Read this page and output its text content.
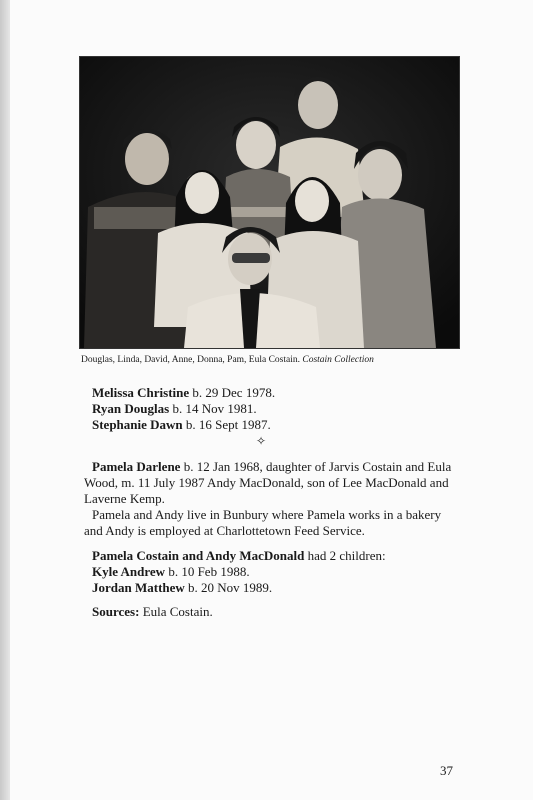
Douglas, Linda, David, Anne, Donna, Pam, Eula Costain. Costain Collection

Melissa Christine b. 29 Dec 1978.

Ryan Douglas b. 14 Nov 1981.

Stephanie Dawn b. 16 Sept 1987.

✧

Pamela Darlene b. 12 Jan 1968, daughter of Jarvis Costain and Eula

Wood, m. 11 July 1987 Andy MacDonald, son of Lee MacDonald and

Laverne Kemp.

Pamela and Andy live in Bunbury where Pamela works in a bakery

and Andy is employed at Charlottetown Feed Service.

Pamela Costain and Andy MacDonald had 2 children:

Kyle Andrew b. 10 Feb 1988.

Jordan Matthew b. 20 Nov 1989.

Sources: Eula Costain.

37
